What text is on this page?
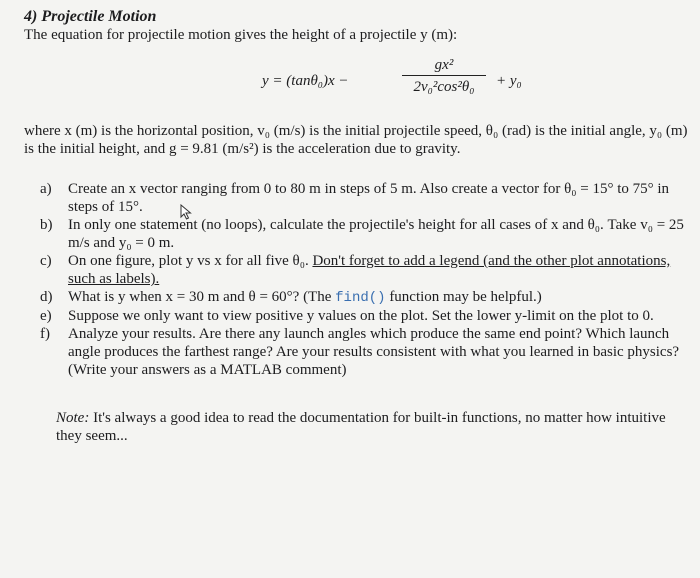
4) Projectile Motion

The equation for projectile motion gives the height of a projectile y (m):

y = (tanθ₀)x −
gx²
2v₀²cos²θ₀	+ y₀

where x (m) is the horizontal position, v₀ (m/s) is the initial projectile speed, θ₀ (rad) is the initial angle, y₀ (m) is the initial height, and g = 9.81 (m/s²) is the acceleration due to gravity.

a) Create an x vector ranging from 0 to 80 m in steps of 5 m. Also create a vector for θ₀ = 15° to 75° in steps of 15°.
b) In only one statement (no loops), calculate the projectile's height for all cases of x and θ₀. Take v₀ = 25 m/s and y₀ = 0 m.
c) On one figure, plot y vs x for all five θ₀. Don't forget to add a legend (and the other plot annotations, such as labels).
d) What is y when x = 30 m and θ = 60°? (The find() function may be helpful.)
e) Suppose we only want to view positive y values on the plot. Set the lower y-limit on the plot to 0.
f) Analyze your results. Are there any launch angles which produce the same end point? Which launch angle produces the farthest range? Are your results consistent with what you learned in basic physics? (Write your answers as a MATLAB comment)

Note: It's always a good idea to read the documentation for built-in functions, no matter how intuitive they seem...
